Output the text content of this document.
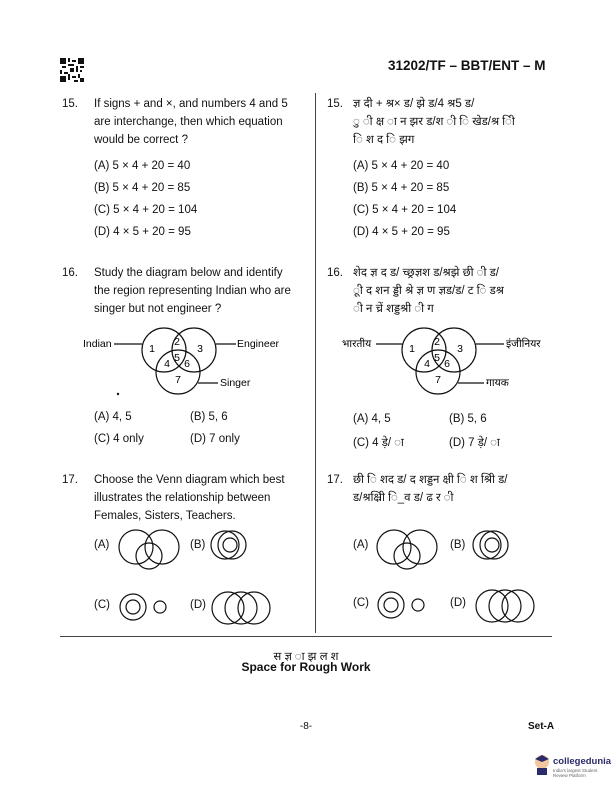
31202/TF – BBT/ENT – M
15. If signs + and ×, and numbers 4 and 5
are interchange, then which equation
would be correct ?
(A) 5 × 4 + 20 = 40
(B) 5 × 4 + 20 = 85
(C) 5 × 4 + 20 = 104
(D) 4 × 5 + 20 = 95
16. Study the diagram below and identify
the region representing Indian who are
singer but not engineer ?
Indian	Engineer
Singer
1
2
3
4 5 6
7
(A) 4, 5	(B) 5, 6
(C) 4 only	(D) 7 only
17. Choose the Venn diagram which best
illustrates the relationship between
Females, Sisters, Teachers.
(A)	(B)
(C)	(D)
15. ज्ञ दी + श्र× ड/ झे ड/4 श्र5 ड/
ु ी क्ष ा न झर ड/श ी ि खेड/श्र ीि
ि श द ि झग
(A) 5 × 4 + 20 = 40
(B) 5 × 4 + 20 = 85
(C) 5 × 4 + 20 = 104
(D) 4 × 5 + 20 = 95
16. शेद ज्ञ द ड/ च्छ्रज्ञश ड/श्रझे छी ी ड/
ूी द शन ड्डी श्रे ज्ञ ण ज्ञड/ड/ ट ि डश्र
ी न च्रें शड्डश्री ी ग
भारतीय	इंजीनियर
गायक
1
2
3
4 5 6
7
(A) 4, 5	(B) 5, 6
(C) 4 ड़े/ ा	(D) 7 ड़े/ ा
17. छी ि शद ड/ द शड्डन क्षी ि श श्रीि ड/
ड/श्रक्ष्रीि ि_व ड/ ढ र ी
(A)	(B)
(C)	(D)
स ज्ञ ा झ ल श
Space for Rough Work
-8-	Set-A
collegedunia
India's largest Student Review Platform
